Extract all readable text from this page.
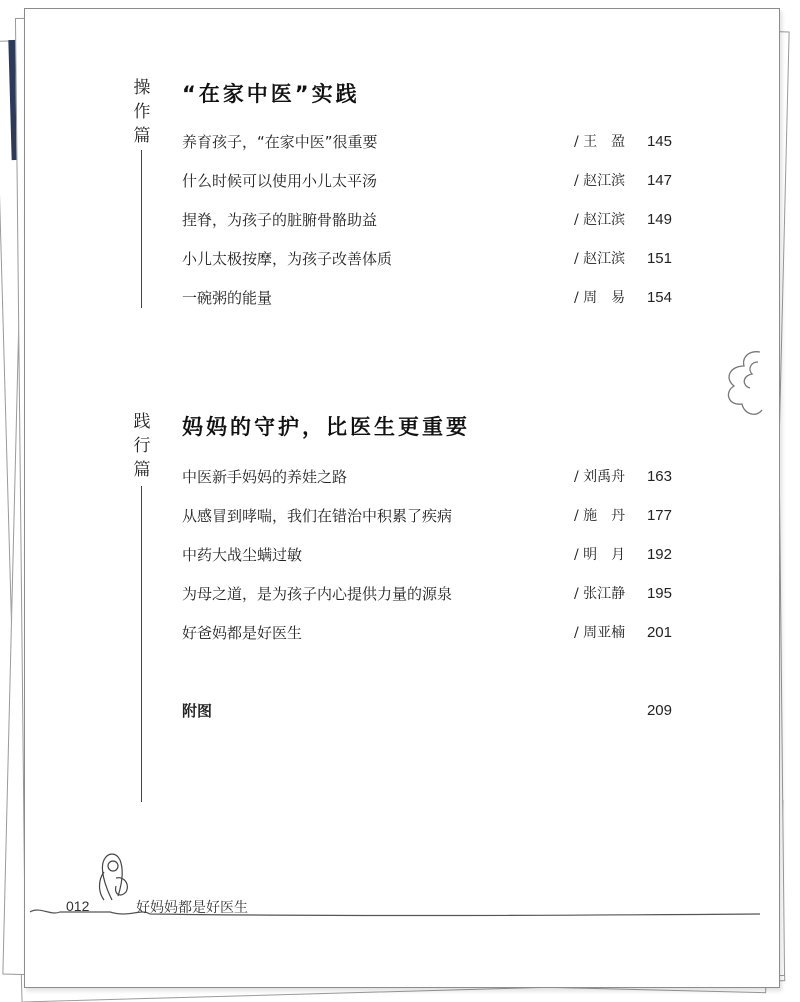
操作篇
“在家中医”实践
养育孩子，“在家中医”很重要	/ 王　盈	145
什么时候可以使用小儿太平汤	/ 赵江滨	147
捏脊，为孩子的脏腑骨骼助益	/ 赵江滨	149
小儿太极按摩，为孩子改善体质	/ 赵江滨	151
一碗粥的能量	/ 周　易	154
践行篇
妈妈的守护，比医生更重要
中医新手妈妈的养娃之路	/ 刘禹舟	163
从感冒到哮喘，我们在错治中积累了疾病	/ 施　丹	177
中药大战尘螨过敏	/ 明　月	192
为母之道，是为孩子内心提供力量的源泉	/ 张江静	195
好爸妈都是好医生	/ 周亚楠	201
附图	209
012	好妈妈都是好医生
